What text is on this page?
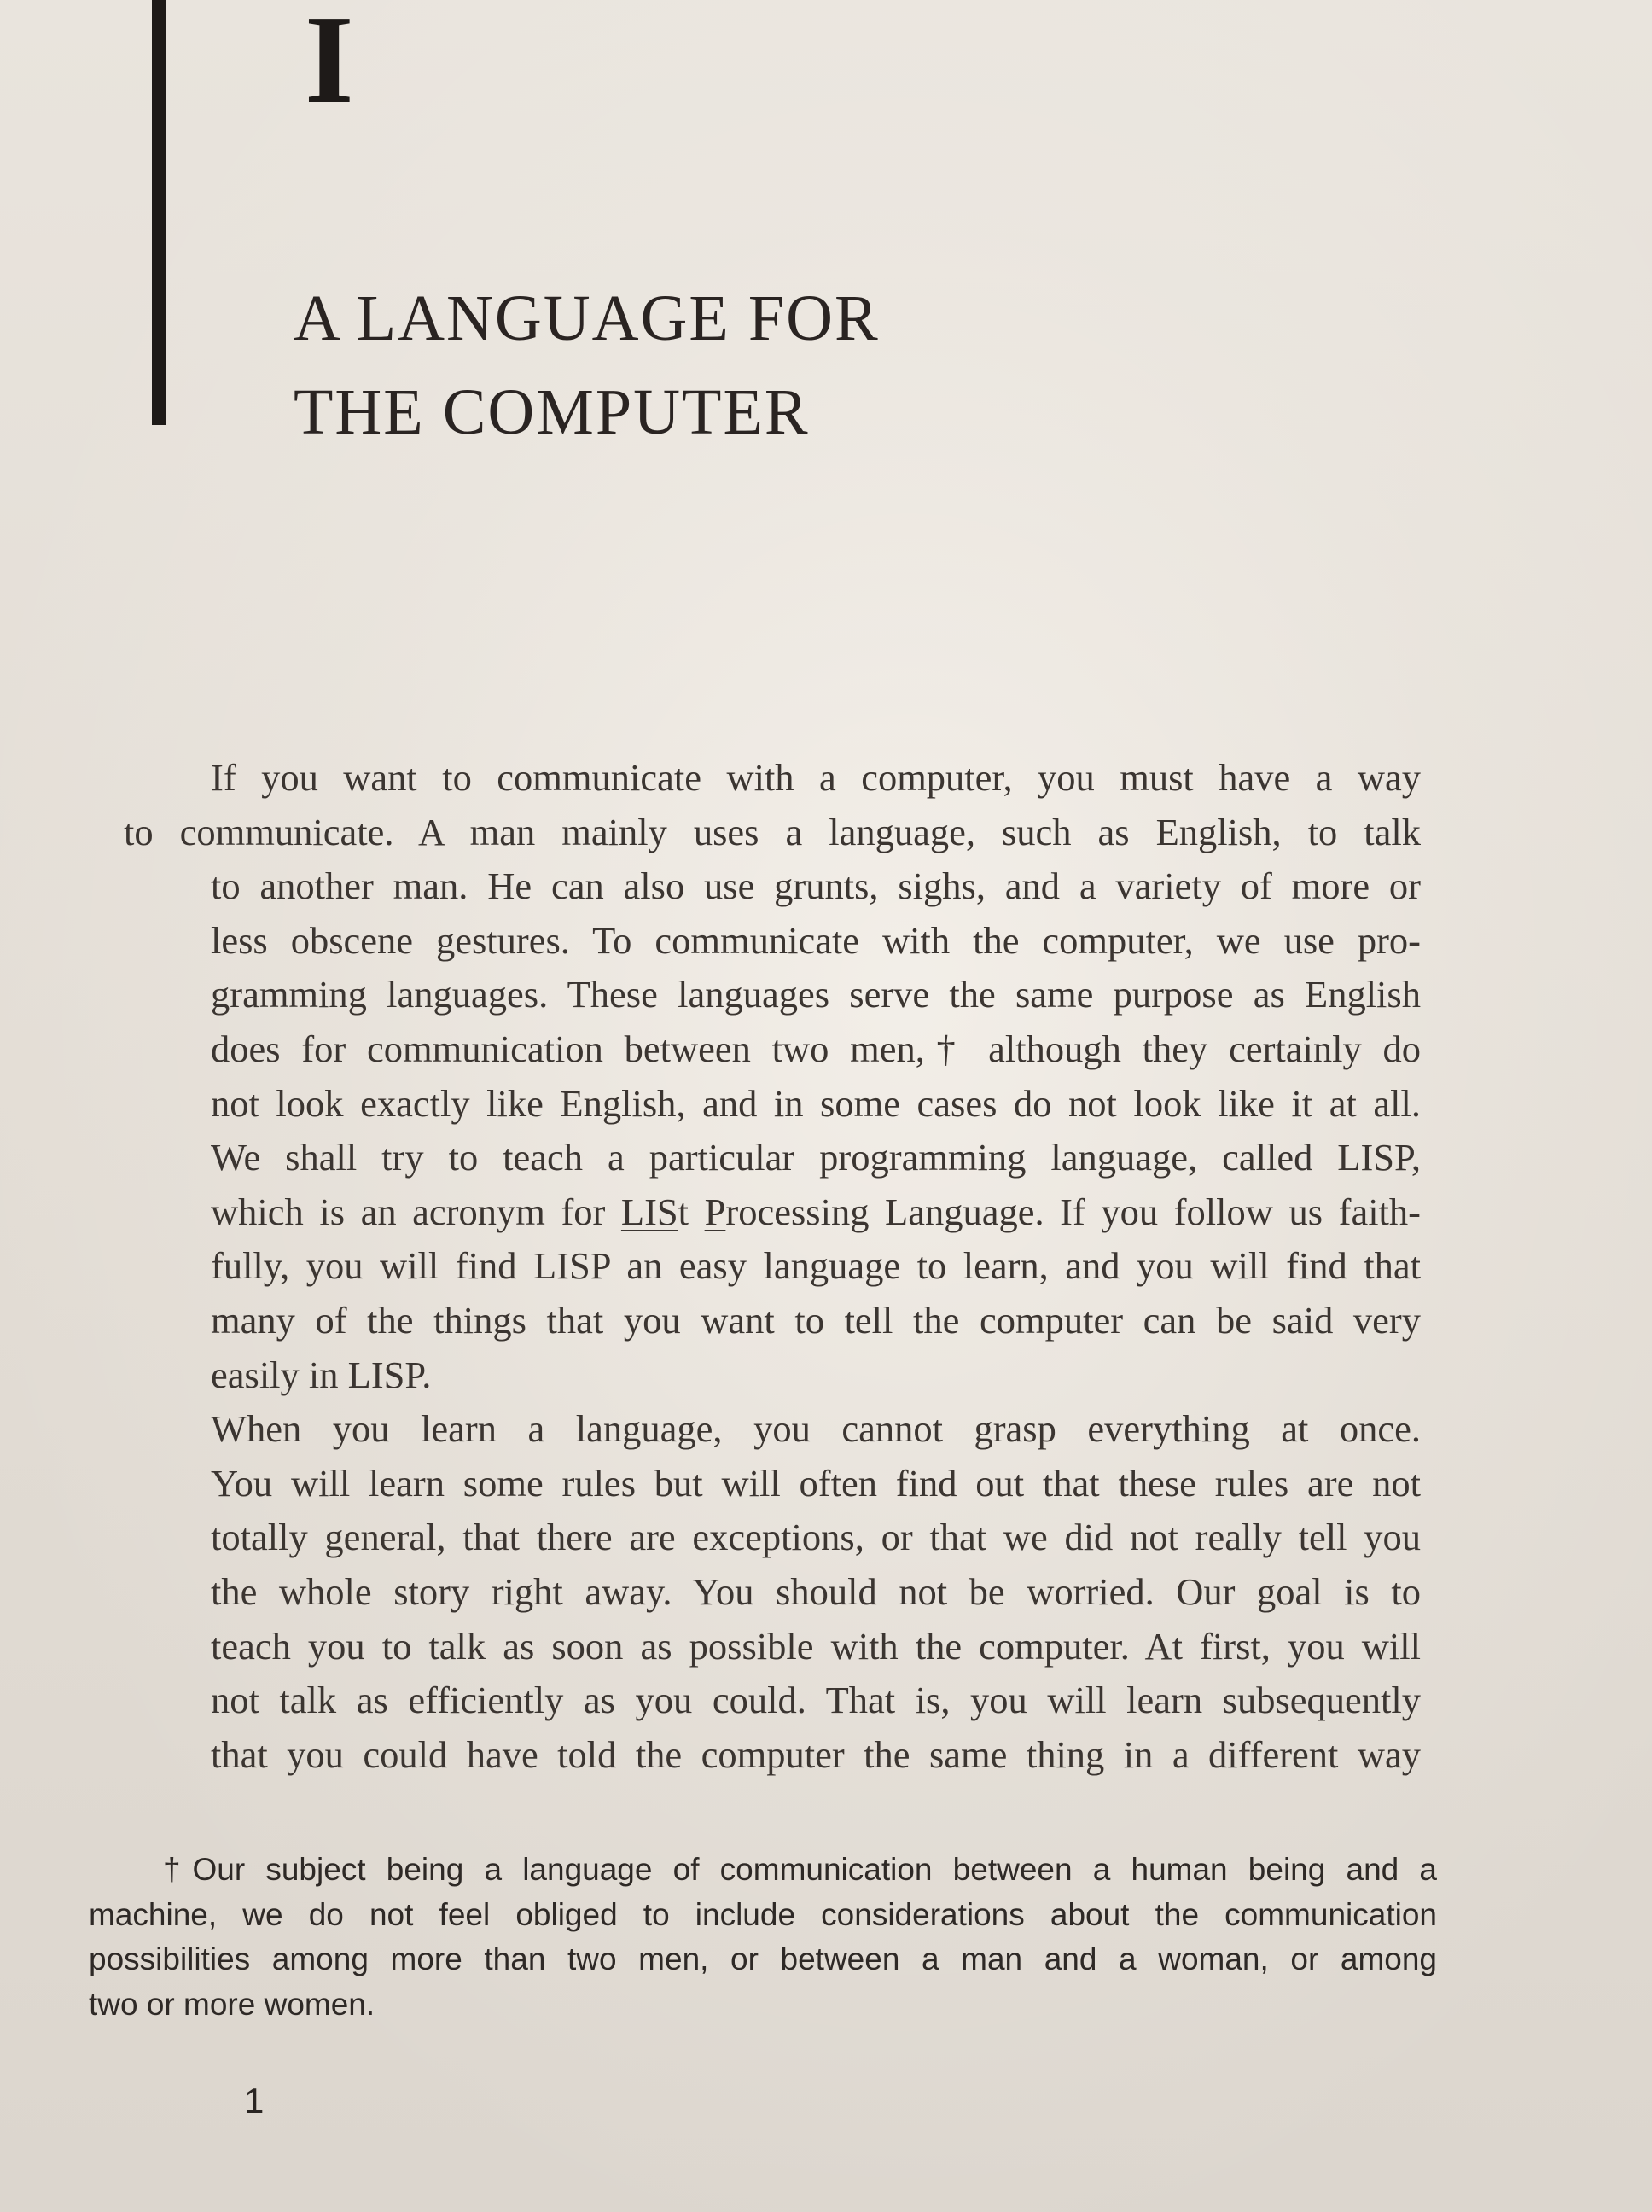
I
A LANGUAGE FOR
THE COMPUTER

If you want to communicate with a computer, you must have a way
to communicate. A man mainly uses a language, such as English, to talk
to another man. He can also use grunts, sighs, and a variety of more or
less obscene gestures. To communicate with the computer, we use pro-
gramming languages. These languages serve the same purpose as English
does for communication between two men,† although they certainly do
not look exactly like English, and in some cases do not look like it at all.
We shall try to teach a particular programming language, called LISP,
which is an acronym for LISt Processing Language. If you follow us faith-
fully, you will find LISP an easy language to learn, and you will find that
many of the things that you want to tell the computer can be said very
easily in LISP.

When you learn a language, you cannot grasp everything at once.
You will learn some rules but will often find out that these rules are not
totally general, that there are exceptions, or that we did not really tell you
the whole story right away. You should not be worried. Our goal is to
teach you to talk as soon as possible with the computer. At first, you will
not talk as efficiently as you could. That is, you will learn subsequently
that you could have told the computer the same thing in a different way

†Our subject being a language of communication between a human being and a
machine, we do not feel obliged to include considerations about the communication
possibilities among more than two men, or between a man and a woman, or among
two or more women.
1
